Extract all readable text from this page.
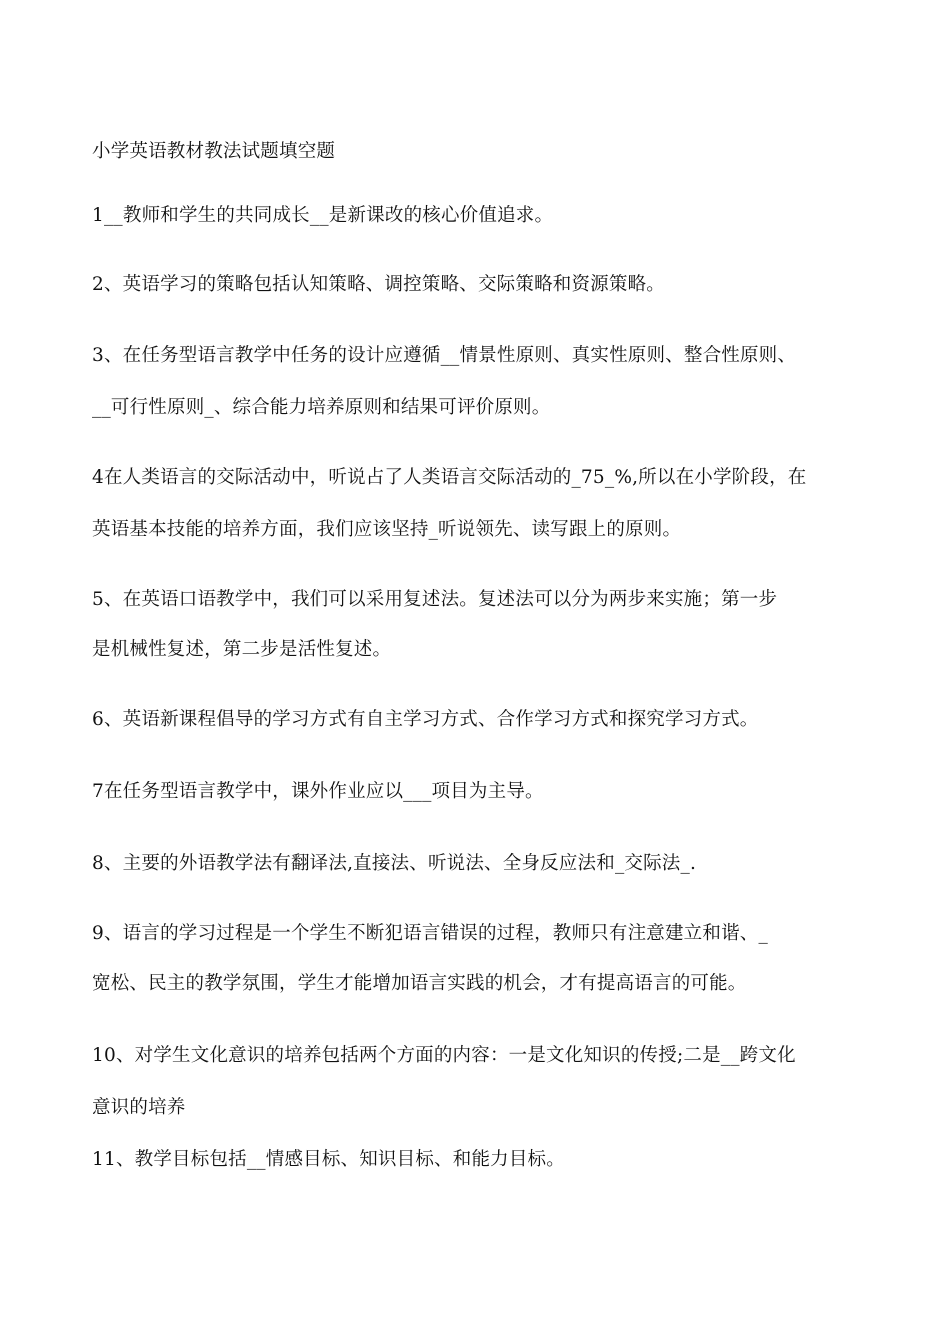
小学英语教材教法试题填空题
1__教师和学生的共同成长__是新课改的核心价值追求。
2、英语学习的策略包括认知策略、调控策略、交际策略和资源策略。
3、在任务型语言教学中任务的设计应遵循__情景性原则、真实性原则、整合性原则、
__可行性原则_、综合能力培养原则和结果可评价原则。
4在人类语言的交际活动中，听说占了人类语言交际活动的_75_%,所以在小学阶段，在
英语基本技能的培养方面，我们应该坚持_听说领先、读写跟上的原则。
5、在英语口语教学中，我们可以采用复述法。复述法可以分为两步来实施；第一步
是机械性复述，第二步是活性复述。
6、英语新课程倡导的学习方式有自主学习方式、合作学习方式和探究学习方式。
7在任务型语言教学中，课外作业应以___项目为主导。
8、主要的外语教学法有翻译法,直接法、听说法、全身反应法和_交际法_.
9、语言的学习过程是一个学生不断犯语言错误的过程，教师只有注意建立和谐、_
宽松、民主的教学氛围，学生才能增加语言实践的机会，才有提高语言的可能。
10、对学生文化意识的培养包括两个方面的内容：一是文化知识的传授;二是__跨文化
意识的培养
11、教学目标包括__情感目标、知识目标、和能力目标。
